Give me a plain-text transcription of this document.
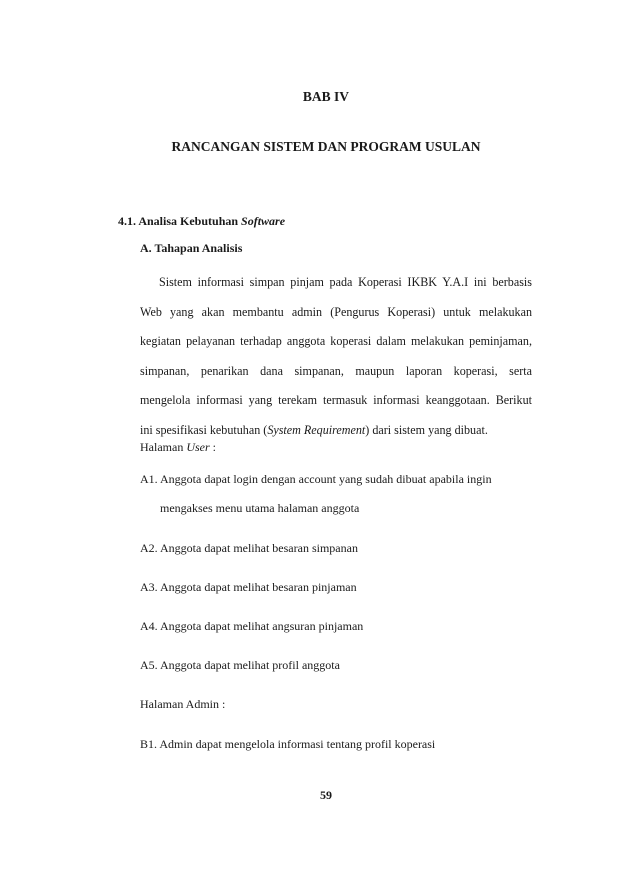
BAB IV
RANCANGAN SISTEM DAN PROGRAM USULAN
4.1. Analisa Kebutuhan Software
A. Tahapan Analisis
Sistem informasi simpan pinjam pada Koperasi IKBK Y.A.I ini berbasis
Web yang akan membantu admin (Pengurus Koperasi) untuk melakukan
kegiatan pelayanan terhadap anggota koperasi dalam melakukan peminjaman,
simpanan, penarikan dana simpanan, maupun laporan koperasi, serta
mengelola informasi yang terekam termasuk informasi keanggotaan. Berikut
ini spesifikasi kebutuhan (System Requirement) dari sistem yang dibuat.
Halaman User :
A1. Anggota dapat login dengan account yang sudah dibuat apabila ingin
mengakses menu utama halaman anggota
A2. Anggota dapat melihat besaran simpanan
A3. Anggota dapat melihat besaran pinjaman
A4. Anggota dapat melihat angsuran pinjaman
A5. Anggota dapat melihat profil anggota
Halaman Admin :
B1. Admin dapat mengelola informasi tentang profil koperasi
59
